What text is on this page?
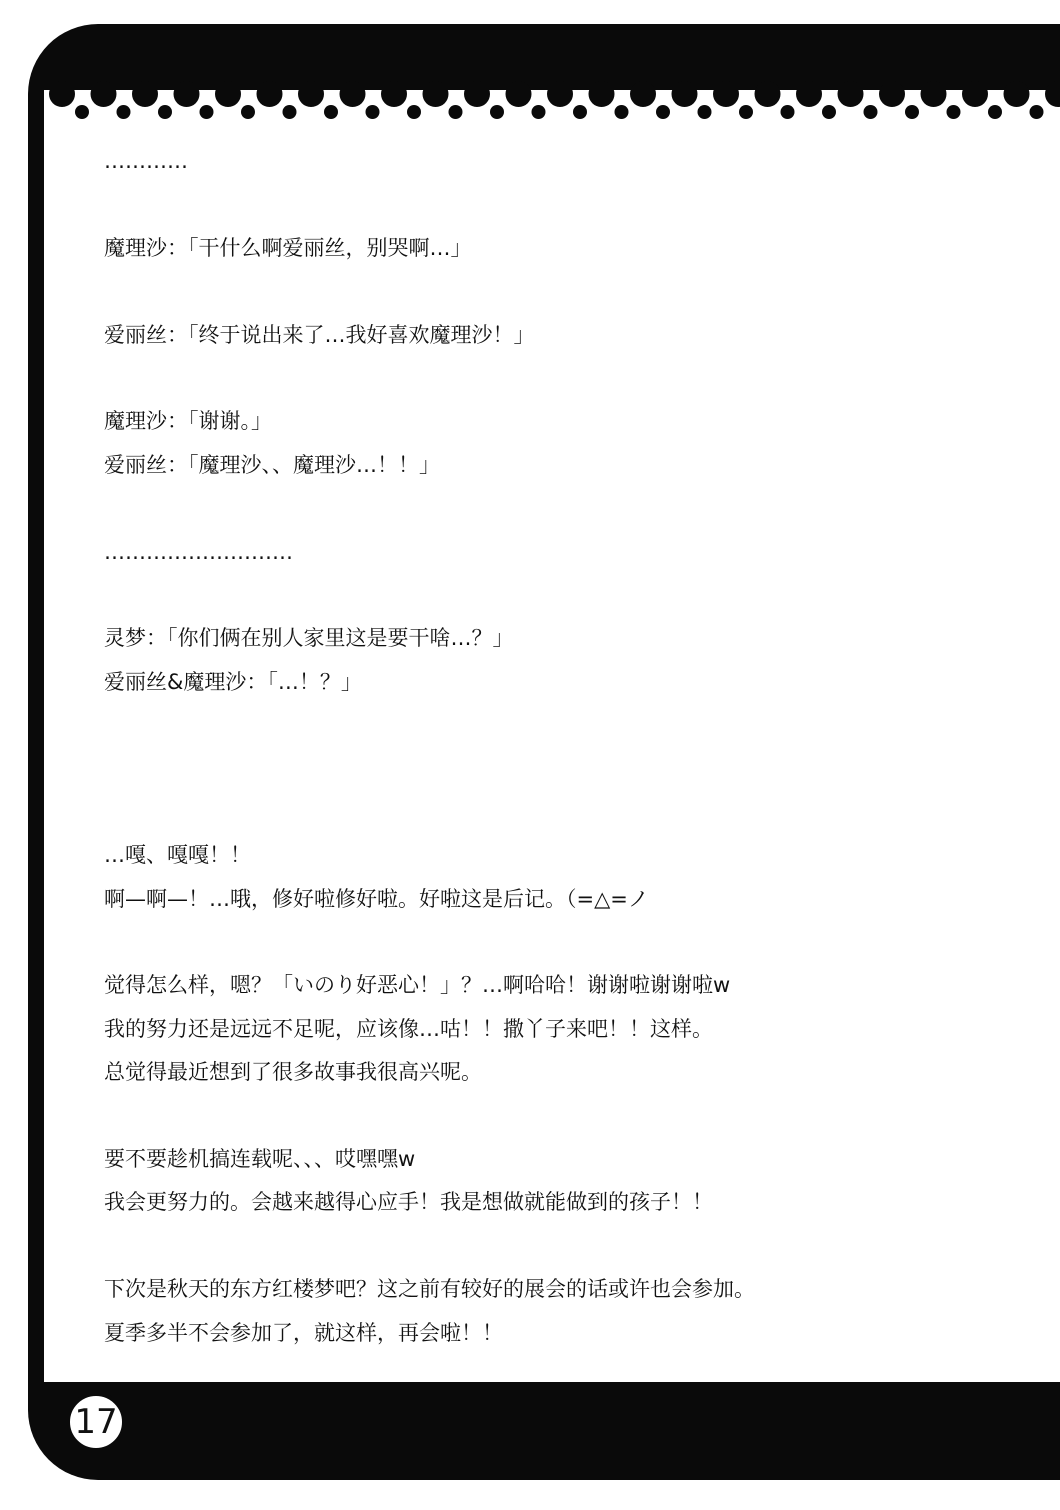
…………
魔理沙：「干什么啊爱丽丝，别哭啊…」
爱丽丝：「终于说出来了…我好喜欢魔理沙！」
魔理沙：「谢谢。」
爱丽丝：「魔理沙、、魔理沙…！！」
………………………
灵梦：「你们俩在别人家里这是要干啥…？」
爱丽丝&魔理沙：「…！？」
…嘎、嘎嘎！！
啊—啊—！…哦，修好啦修好啦。好啦这是后记。（=△=ノ
觉得怎么样，嗯？「いのり好恶心！」？…啊哈哈！谢谢啦谢谢啦w
我的努力还是远远不足呢，应该像…咕！！撒丫子来吧！！这样。
总觉得最近想到了很多故事我很高兴呢。
要不要趁机搞连载呢、、、哎嘿嘿w
我会更努力的。会越来越得心应手！我是想做就能做到的孩子！！
下次是秋天的东方红楼梦吧？这之前有较好的展会的话或许也会参加。
夏季多半不会参加了，就这样，再会啦！！
17
